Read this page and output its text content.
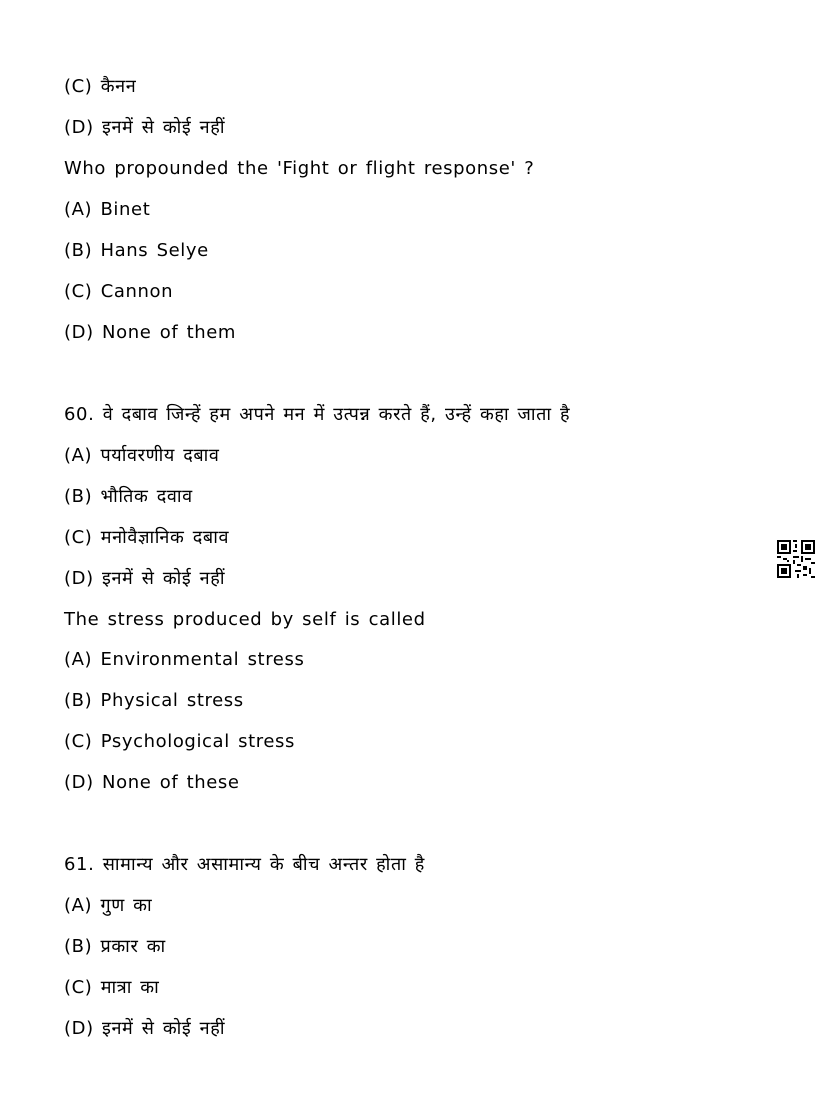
(C) कैनन
(D) इनमें से कोई नहीं
Who propounded the 'Fight or flight response' ?
(A) Binet
(B) Hans Selye
(C) Cannon
(D) None of them
60. वे दबाव जिन्हें हम अपने मन में उत्पन्न करते हैं, उन्हें कहा जाता है
(A) पर्यावरणीय दबाव
(B) भौतिक दवाव
(C) मनोवैज्ञानिक दबाव
(D) इनमें से कोई नहीं
The stress produced by self is called
(A) Environmental stress
(B) Physical stress
(C) Psychological stress
(D) None of these
61. सामान्य और असामान्य के बीच अन्तर होता है
(A) गुण का
(B) प्रकार का
(C) मात्रा का
(D) इनमें से कोई नहीं
